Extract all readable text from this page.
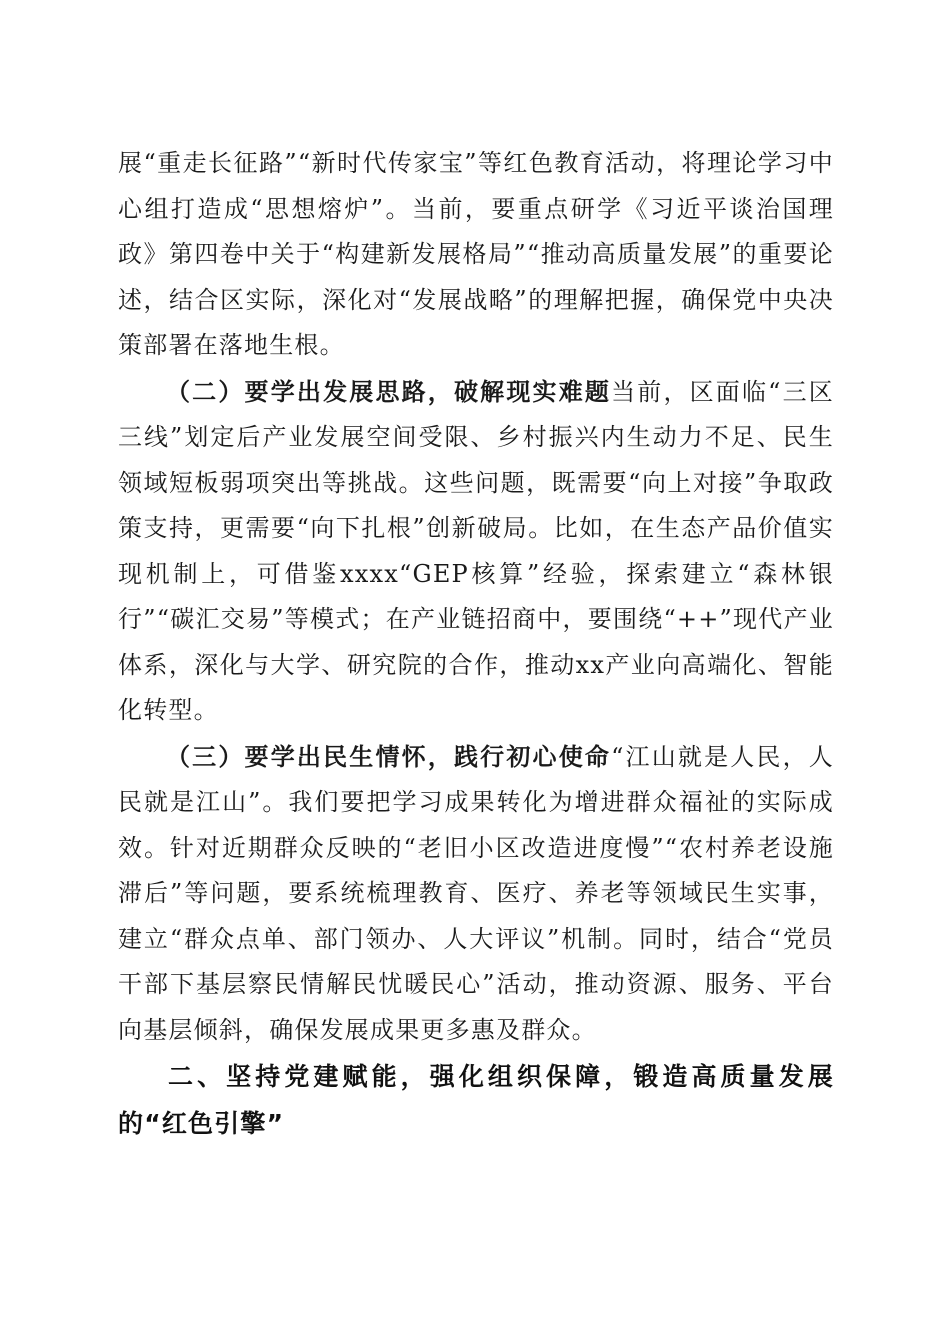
展“重走长征路”“新时代传家宝”等红色教育活动，将理论学习中心组打造成“思想熔炉”。当前，要重点研学《习近平谈治国理政》第四卷中关于“构建新发展格局”“推动高质量发展”的重要论述，结合区实际，深化对“发展战略”的理解把握，确保党中央决策部署在落地生根。

（二）要学出发展思路，破解现实难题当前，区面临“三区三线”划定后产业发展空间受限、乡村振兴内生动力不足、民生领域短板弱项突出等挑战。这些问题，既需要“向上对接”争取政策支持，更需要“向下扎根”创新破局。比如，在生态产品价值实现机制上，可借鉴xxxx“GEP核算”经验，探索建立“森林银行”“碳汇交易”等模式；在产业链招商中，要围绕“++”现代产业体系，深化与大学、研究院的合作，推动xx产业向高端化、智能化转型。

（三）要学出民生情怀，践行初心使命“江山就是人民，人民就是江山”。我们要把学习成果转化为增进群众福祉的实际成效。针对近期群众反映的“老旧小区改造进度慢”“农村养老设施滞后”等问题，要系统梳理教育、医疗、养老等领域民生实事，建立“群众点单、部门领办、人大评议”机制。同时，结合“党员干部下基层察民情解民忧暖民心”活动，推动资源、服务、平台向基层倾斜，确保发展成果更多惠及群众。

二、坚持党建赋能，强化组织保障，锻造高质量发展的“红色引擎”
